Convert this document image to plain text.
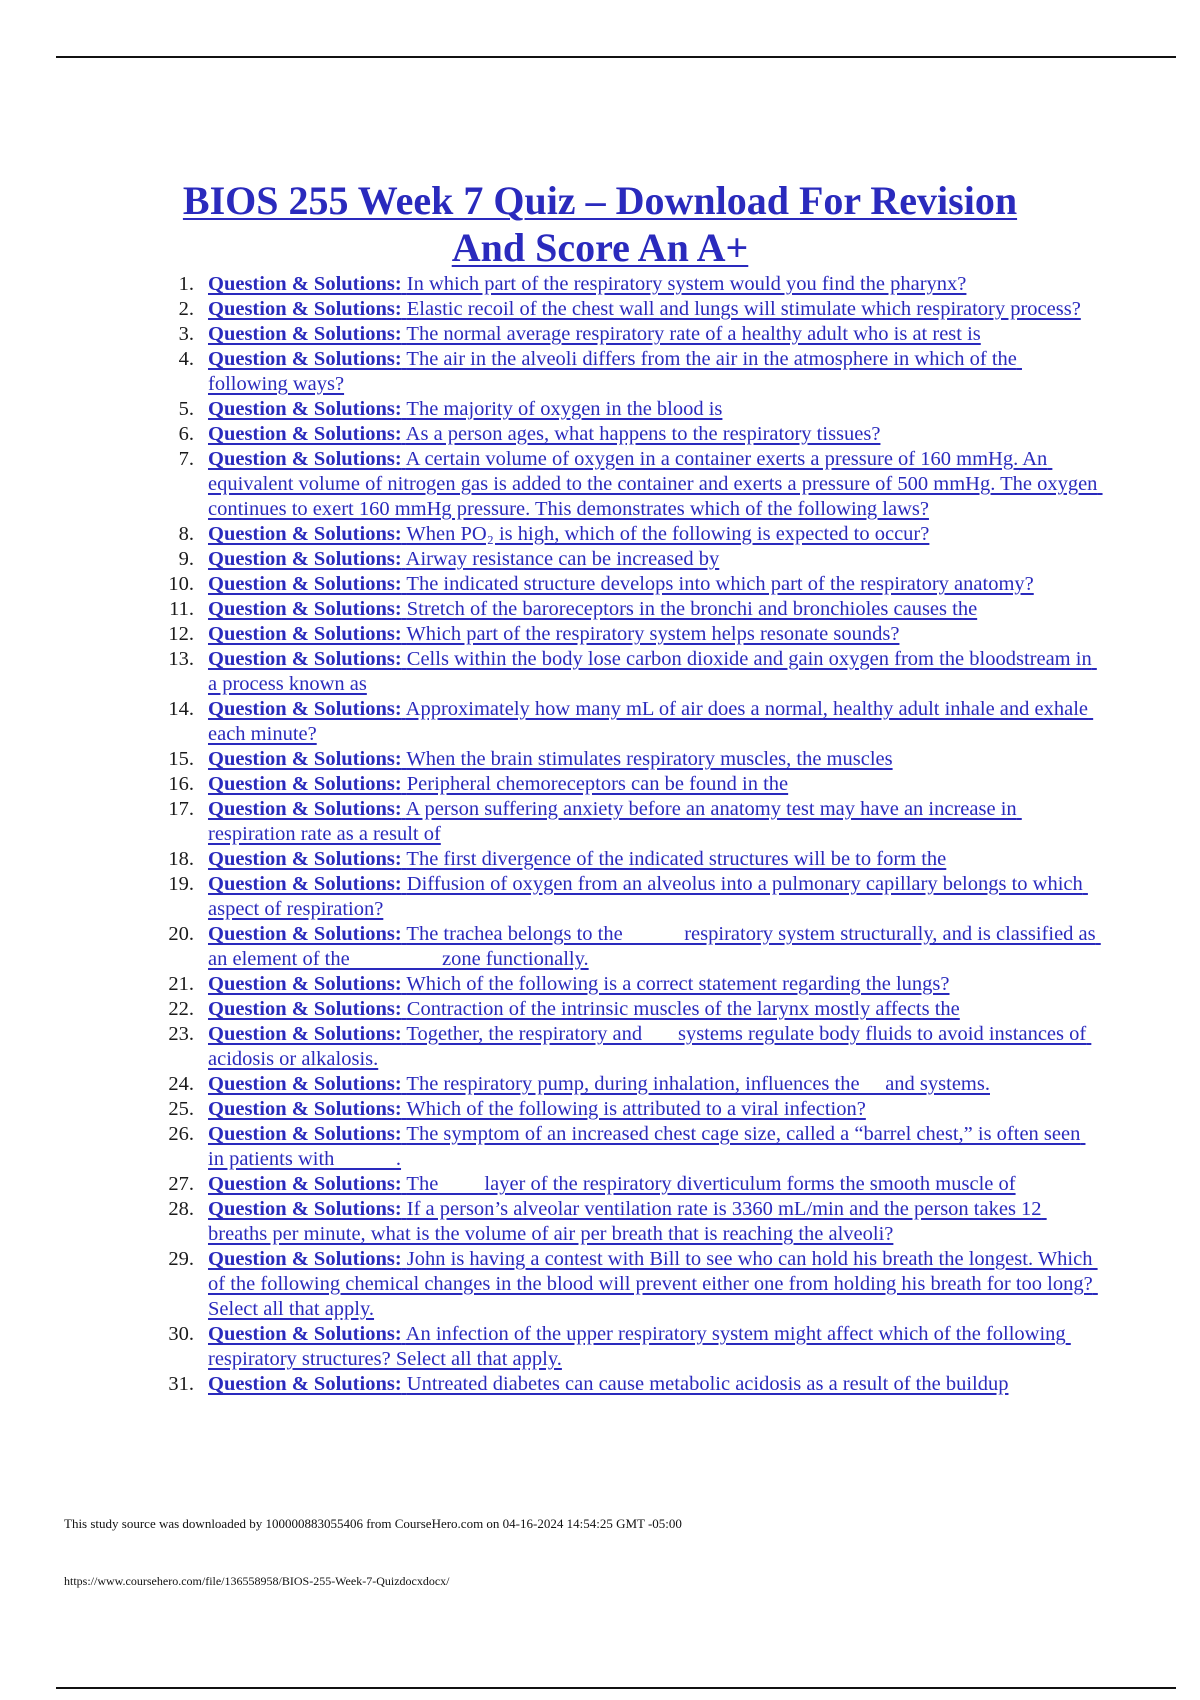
BIOS 255 Week 7 Quiz – Download For Revision
And Score An A+
1. Question & Solutions: In which part of the respiratory system would you find the pharynx?
2. Question & Solutions: Elastic recoil of the chest wall and lungs will stimulate which respiratory process?
3. Question & Solutions: The normal average respiratory rate of a healthy adult who is at rest is
4. Question & Solutions: The air in the alveoli differs from the air in the atmosphere in which of the following ways?
5. Question & Solutions: The majority of oxygen in the blood is
6. Question & Solutions: As a person ages, what happens to the respiratory tissues?
7. Question & Solutions: A certain volume of oxygen in a container exerts a pressure of 160 mmHg. An equivalent volume of nitrogen gas is added to the container and exerts a pressure of 500 mmHg. The oxygen continues to exert 160 mmHg pressure. This demonstrates which of the following laws?
8. Question & Solutions: When PO₂ is high, which of the following is expected to occur?
9. Question & Solutions: Airway resistance can be increased by
10. Question & Solutions: The indicated structure develops into which part of the respiratory anatomy?
11. Question & Solutions: Stretch of the baroreceptors in the bronchi and bronchioles causes the
12. Question & Solutions: Which part of the respiratory system helps resonate sounds?
13. Question & Solutions: Cells within the body lose carbon dioxide and gain oxygen from the bloodstream in a process known as
14. Question & Solutions: Approximately how many mL of air does a normal, healthy adult inhale and exhale each minute?
15. Question & Solutions: When the brain stimulates respiratory muscles, the muscles
16. Question & Solutions: Peripheral chemoreceptors can be found in the
17. Question & Solutions: A person suffering anxiety before an anatomy test may have an increase in respiration rate as a result of
18. Question & Solutions: The first divergence of the indicated structures will be to form the
19. Question & Solutions: Diffusion of oxygen from an alveolus into a pulmonary capillary belongs to which aspect of respiration?
20. Question & Solutions: The trachea belongs to the            respiratory system structurally, and is classified as an element of the                  zone functionally.
21. Question & Solutions: Which of the following is a correct statement regarding the lungs?
22. Question & Solutions: Contraction of the intrinsic muscles of the larynx mostly affects the
23. Question & Solutions: Together, the respiratory and       systems regulate body fluids to avoid instances of acidosis or alkalosis.
24. Question & Solutions: The respiratory pump, during inhalation, influences the     and systems.
25. Question & Solutions: Which of the following is attributed to a viral infection?
26. Question & Solutions: The symptom of an increased chest cage size, called a “barrel chest,” is often seen in patients with            .
27. Question & Solutions: The         layer of the respiratory diverticulum forms the smooth muscle of
28. Question & Solutions: If a person’s alveolar ventilation rate is 3360 mL/min and the person takes 12 breaths per minute, what is the volume of air per breath that is reaching the alveoli?
29. Question & Solutions: John is having a contest with Bill to see who can hold his breath the longest. Which of the following chemical changes in the blood will prevent either one from holding his breath for too long? Select all that apply.
30. Question & Solutions: An infection of the upper respiratory system might affect which of the following respiratory structures? Select all that apply.
31. Question & Solutions: Untreated diabetes can cause metabolic acidosis as a result of the buildup
This study source was downloaded by 100000883055406 from CourseHero.com on 04-16-2024 14:54:25 GMT -05:00
https://www.coursehero.com/file/136558958/BIOS-255-Week-7-Quizdocxdocx/
